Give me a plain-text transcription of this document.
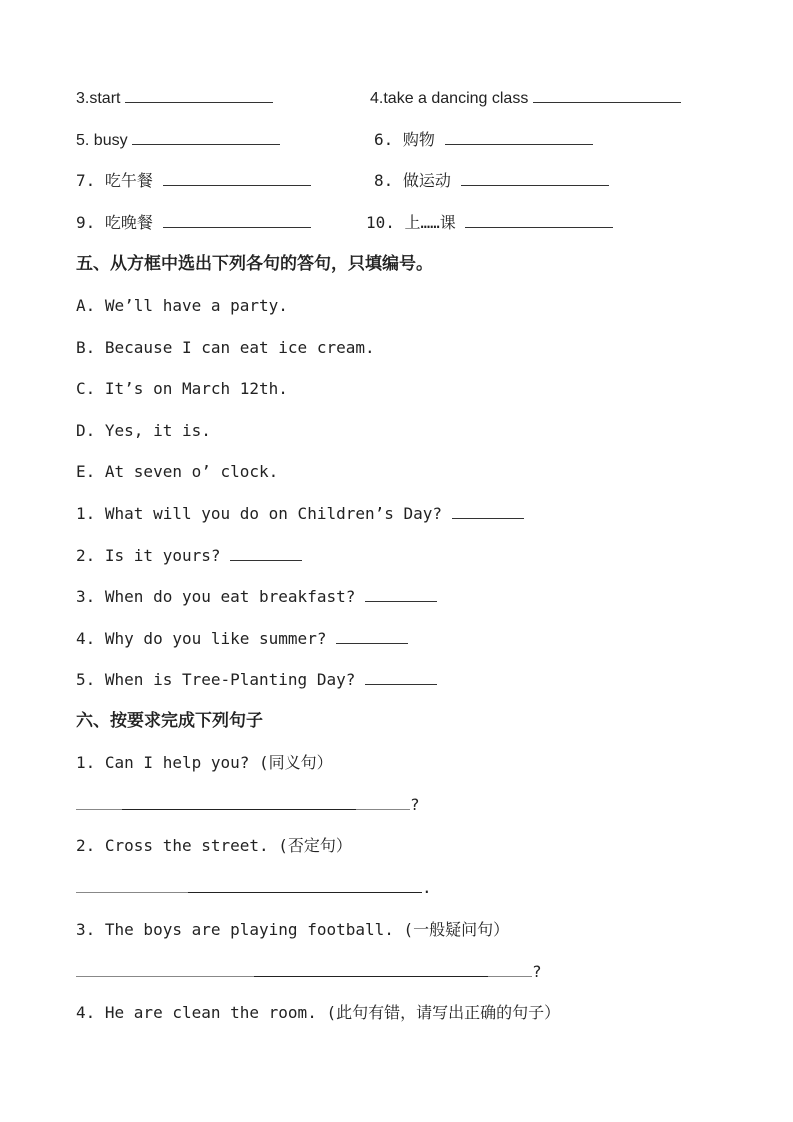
3.start	4.take a dancing class
5. busy	6. 购物
7. 吃午餐	8. 做运动
9. 吃晚餐	10. 上……课
五、从方框中选出下列各句的答句，只填编号。
A. We’ll have a party.
B. Because I can eat ice cream.
C. It’s on March 12th.
D. Yes, it is.
E. At seven o’ clock.
1. What will you do on Children’s Day?
2. Is it yours?
3. When do you eat breakfast?
4. Why do you like summer?
5. When is Tree-Planting Day?
六、按要求完成下列句子
1. Can I help you? (同义句）
?
2. Cross the street. (否定句）
.
3. The boys are playing football. (一般疑问句）
?
4. He are clean the room. (此句有错，请写出正确的句子）
